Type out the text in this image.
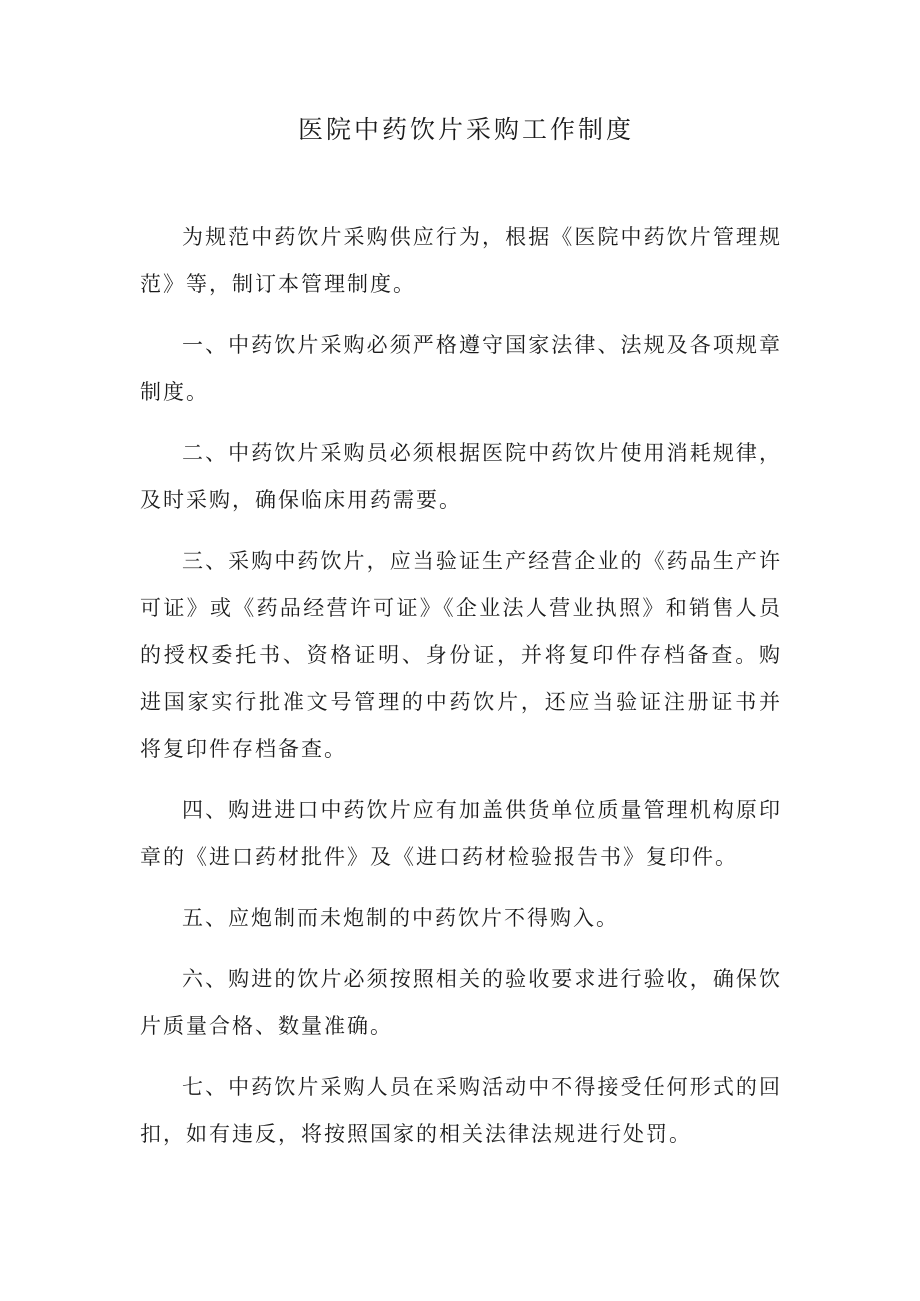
医院中药饮片采购工作制度

为规范中药饮片采购供应行为，根据《医院中药饮片管理规范》等，制订本管理制度。

一、中药饮片采购必须严格遵守国家法律、法规及各项规章制度。

二、中药饮片采购员必须根据医院中药饮片使用消耗规律，及时采购，确保临床用药需要。

三、采购中药饮片，应当验证生产经营企业的《药品生产许可证》或《药品经营许可证》《企业法人营业执照》和销售人员的授权委托书、资格证明、身份证，并将复印件存档备查。购进国家实行批准文号管理的中药饮片，还应当验证注册证书并将复印件存档备查。

四、购进进口中药饮片应有加盖供货单位质量管理机构原印章的《进口药材批件》及《进口药材检验报告书》复印件。

五、应炮制而未炮制的中药饮片不得购入。

六、购进的饮片必须按照相关的验收要求进行验收，确保饮片质量合格、数量准确。

七、中药饮片采购人员在采购活动中不得接受任何形式的回扣，如有违反，将按照国家的相关法律法规进行处罚。
